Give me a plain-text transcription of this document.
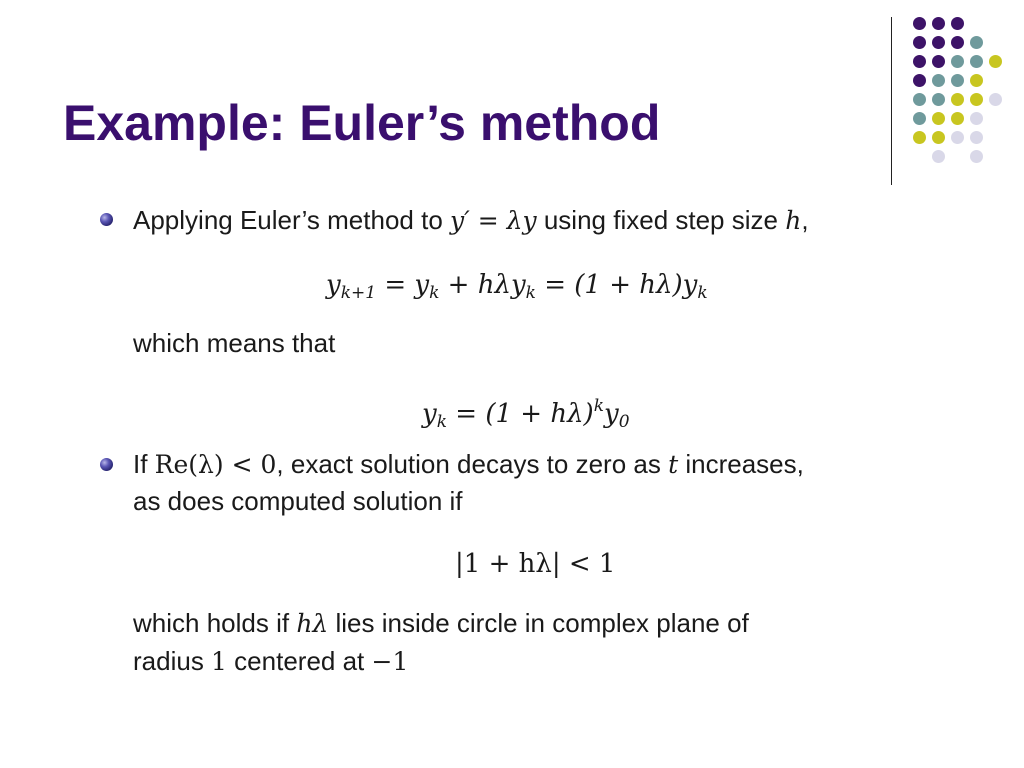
Example: Euler’s method
Applying Euler’s method to y′ = λy using fixed step size h,
$y_{k+1} = y_k + h\lambda y_k = (1 + h\lambda)y_k$
which means that
$y_k = (1 + h\lambda)^ky_0$
If Re(λ) < 0, exact solution decays to zero as t increases,
as does computed solution if
|1 + hλ| < 1
which holds if hλ lies inside circle in complex plane of
radius 1 centered at −1
